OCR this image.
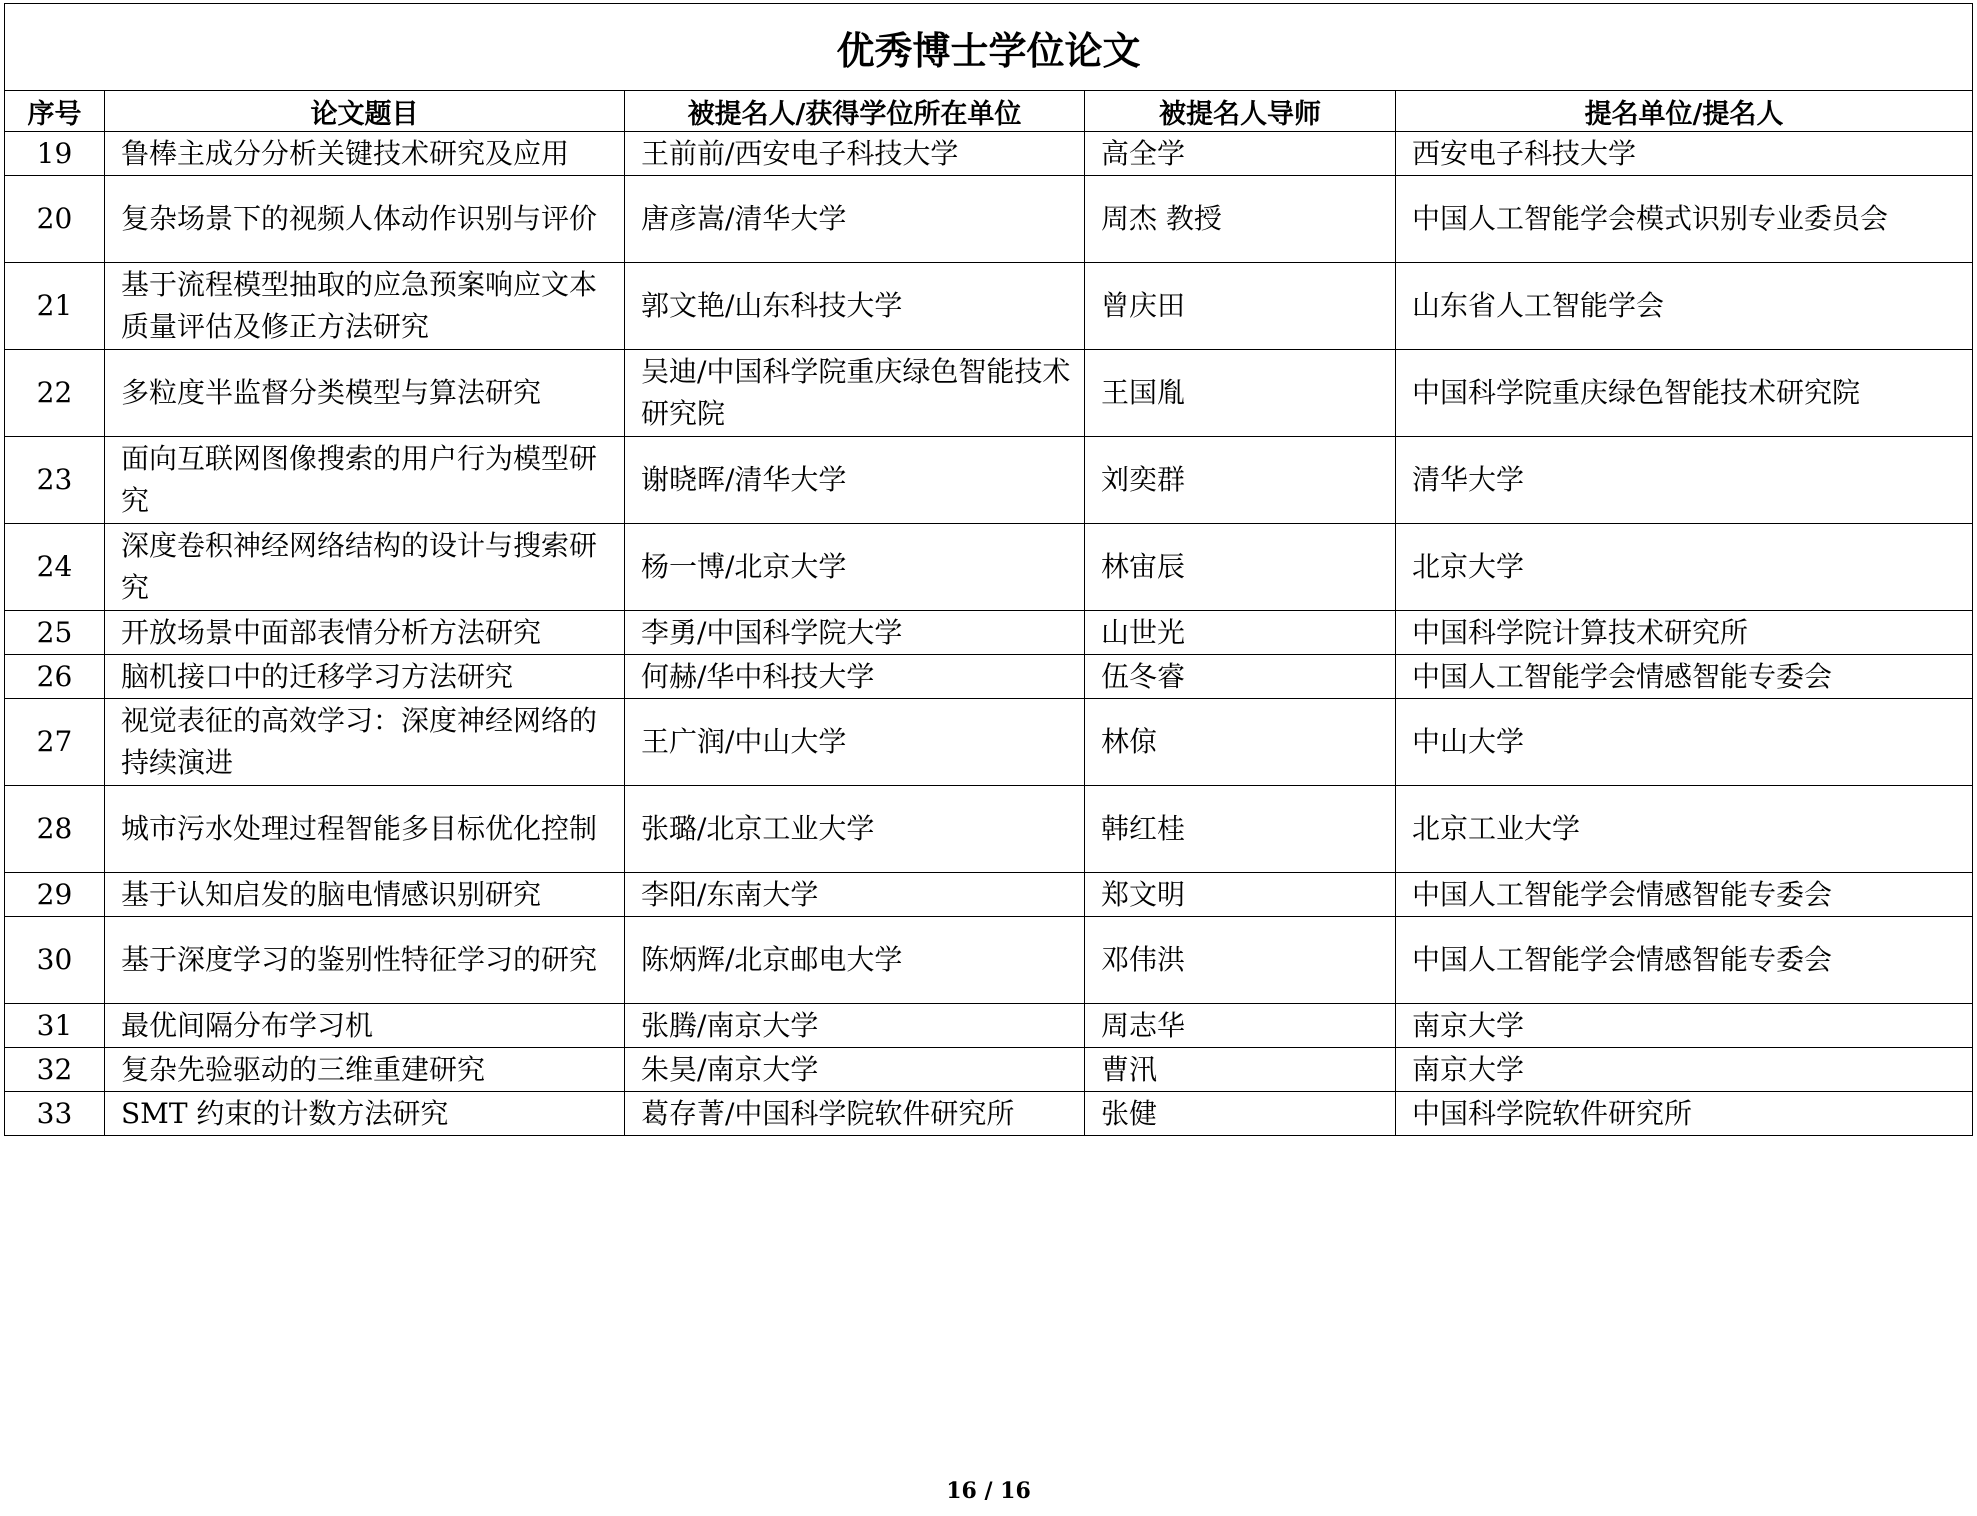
优秀博士学位论文				
序号	论文题目	被提名人/获得学位所在单位	被提名人导师	提名单位/提名人
19	鲁棒主成分分析关键技术研究及应用	王前前/西安电子科技大学	高全学	西安电子科技大学
20	复杂场景下的视频人体动作识别与评价	唐彦嵩/清华大学	周杰 教授	中国人工智能学会模式识别专业委员会
21	基于流程模型抽取的应急预案响应文本质量评估及修正方法研究	郭文艳/山东科技大学	曾庆田	山东省人工智能学会
22	多粒度半监督分类模型与算法研究	吴迪/中国科学院重庆绿色智能技术研究院	王国胤	中国科学院重庆绿色智能技术研究院
23	面向互联网图像搜索的用户行为模型研究	谢晓晖/清华大学	刘奕群	清华大学
24	深度卷积神经网络结构的设计与搜索研究	杨一博/北京大学	林宙辰	北京大学
25	开放场景中面部表情分析方法研究	李勇/中国科学院大学	山世光	中国科学院计算技术研究所
26	脑机接口中的迁移学习方法研究	何赫/华中科技大学	伍冬睿	中国人工智能学会情感智能专委会
27	视觉表征的高效学习：深度神经网络的持续演进	王广润/中山大学	林倞	中山大学
28	城市污水处理过程智能多目标优化控制	张璐/北京工业大学	韩红桂	北京工业大学
29	基于认知启发的脑电情感识别研究	李阳/东南大学	郑文明	中国人工智能学会情感智能专委会
30	基于深度学习的鉴别性特征学习的研究	陈炳辉/北京邮电大学	邓伟洪	中国人工智能学会情感智能专委会
31	最优间隔分布学习机	张腾/南京大学	周志华	南京大学
32	复杂先验驱动的三维重建研究	朱昊/南京大学	曹汛	南京大学
33	SMT 约束的计数方法研究	葛存菁/中国科学院软件研究所	张健	中国科学院软件研究所
16 / 16
